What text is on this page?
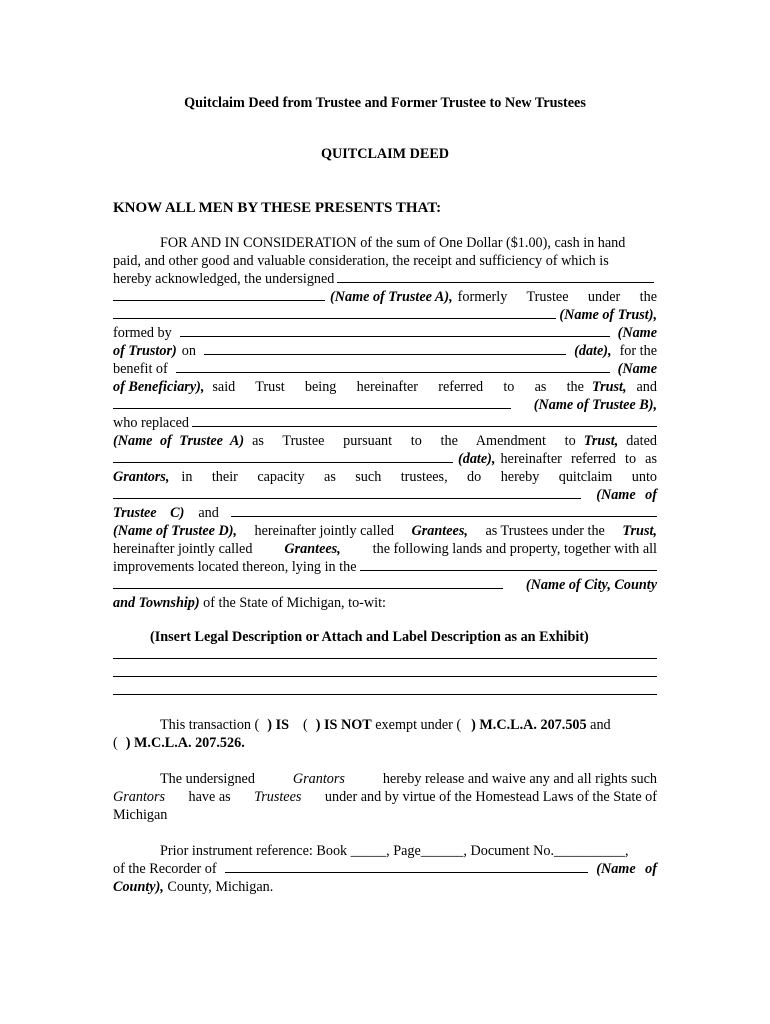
Quitclaim Deed from Trustee and Former Trustee to New Trustees
QUITCLAIM DEED
KNOW ALL MEN BY THESE PRESENTS THAT:
FOR AND IN CONSIDERATION of the sum of One Dollar ($1.00), cash in hand
paid, and other good and valuable consideration, the receipt and sufficiency of which is
hereby acknowledged, the undersigned
(Name of Trustee A), formerly Trustee under the
(Name of Trust),
formed by	(Name
of Trustor) on	(date), for the
benefit of	(Name
of Beneficiary), said Trust being hereinafter referred to as the Trust, and
(Name of Trustee B),
who replaced
(Name of Trustee A) as Trustee pursuant to the Amendment to Trust, dated
(date), hereinafter referred to as
Grantors, in their capacity as such trustees, do hereby quitclaim unto
(Name of
Trustee C) and
(Name of Trustee D), hereinafter jointly called Grantees, as Trustees under the Trust,
hereinafter jointly called Grantees, the following lands and property, together with all
improvements located thereon, lying in the
(Name of City, County
and Township) of the State of Michigan, to-wit:
(Insert Legal Description or Attach and Label Description as an Exhibit)
This transaction ( ) IS ( ) IS NOT exempt under ( ) M.C.L.A. 207.505 and
( ) M.C.L.A. 207.526.
The undersigned	Grantors	hereby release and waive any and all rights such
Grantors have as Trustees under and by virtue of the Homestead Laws of the State of
Michigan
Prior instrument reference: Book _____, Page______, Document No.__________,
of the Recorder of	(Name of
County), County, Michigan.
